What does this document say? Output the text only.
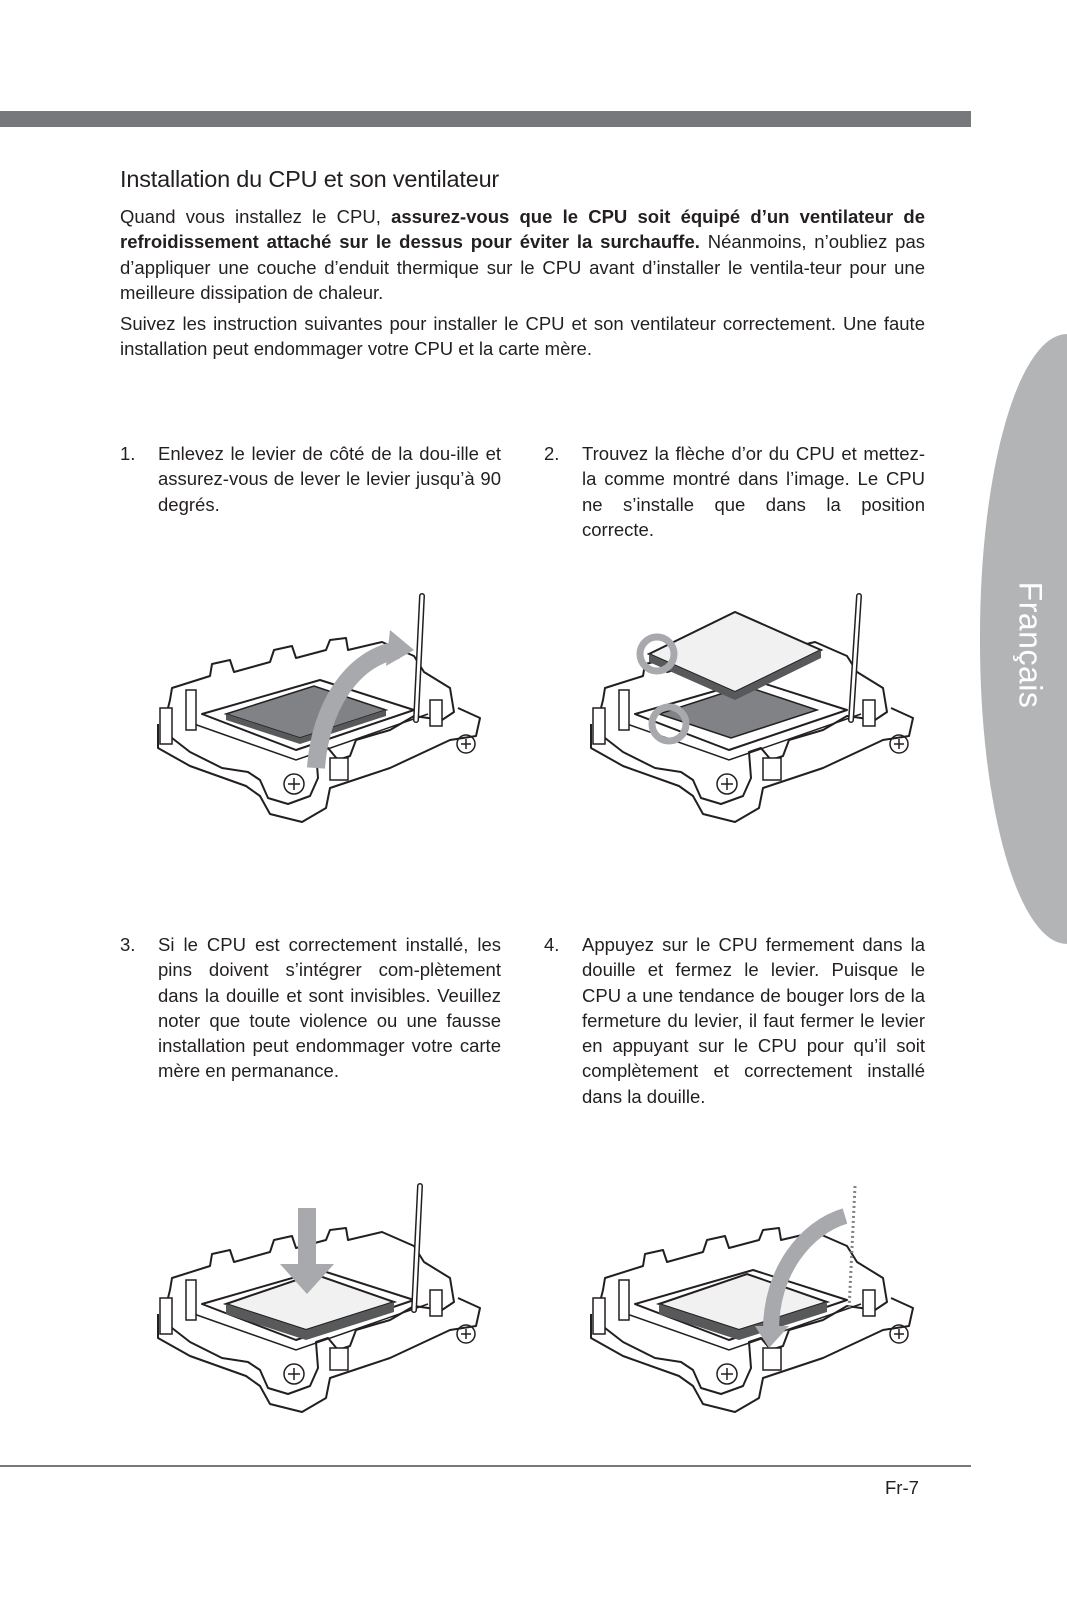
Français
Installation du CPU et son ventilateur

Quand vous installez le CPU, assurez-vous que le CPU soit équipé d’un ventilateur de refroidissement attaché sur le dessus pour éviter la surchauffe. Néanmoins, n’oubliez pas d’appliquer une couche d’enduit thermique sur le CPU avant d’installer le ventila-teur pour une meilleure dissipation de chaleur.

Suivez les instruction suivantes pour installer le CPU et son ventilateur correctement. Une faute installation peut endommager votre CPU et la carte mère.

1. Enlevez le levier de côté de la dou-ille et assurez-vous de lever le levier jusqu’à 90 degrés.
2. Trouvez la flèche d’or du CPU et mettez-la comme montré dans l’image. Le CPU ne s’installe que dans la position correcte.
3. Si le CPU est correctement installé, les pins doivent s’intégrer com-plètement dans la douille et sont invisibles. Veuillez noter que toute violence ou une fausse installation peut endommager votre carte mère en permanance.
4. Appuyez sur le CPU fermement dans la douille et fermez le levier. Puisque le CPU a une tendance de bouger lors de la fermeture du levier, il faut fermer le levier en appuyant sur le CPU pour qu’il soit complètement et correctement installé dans la douille.
Fr-7
